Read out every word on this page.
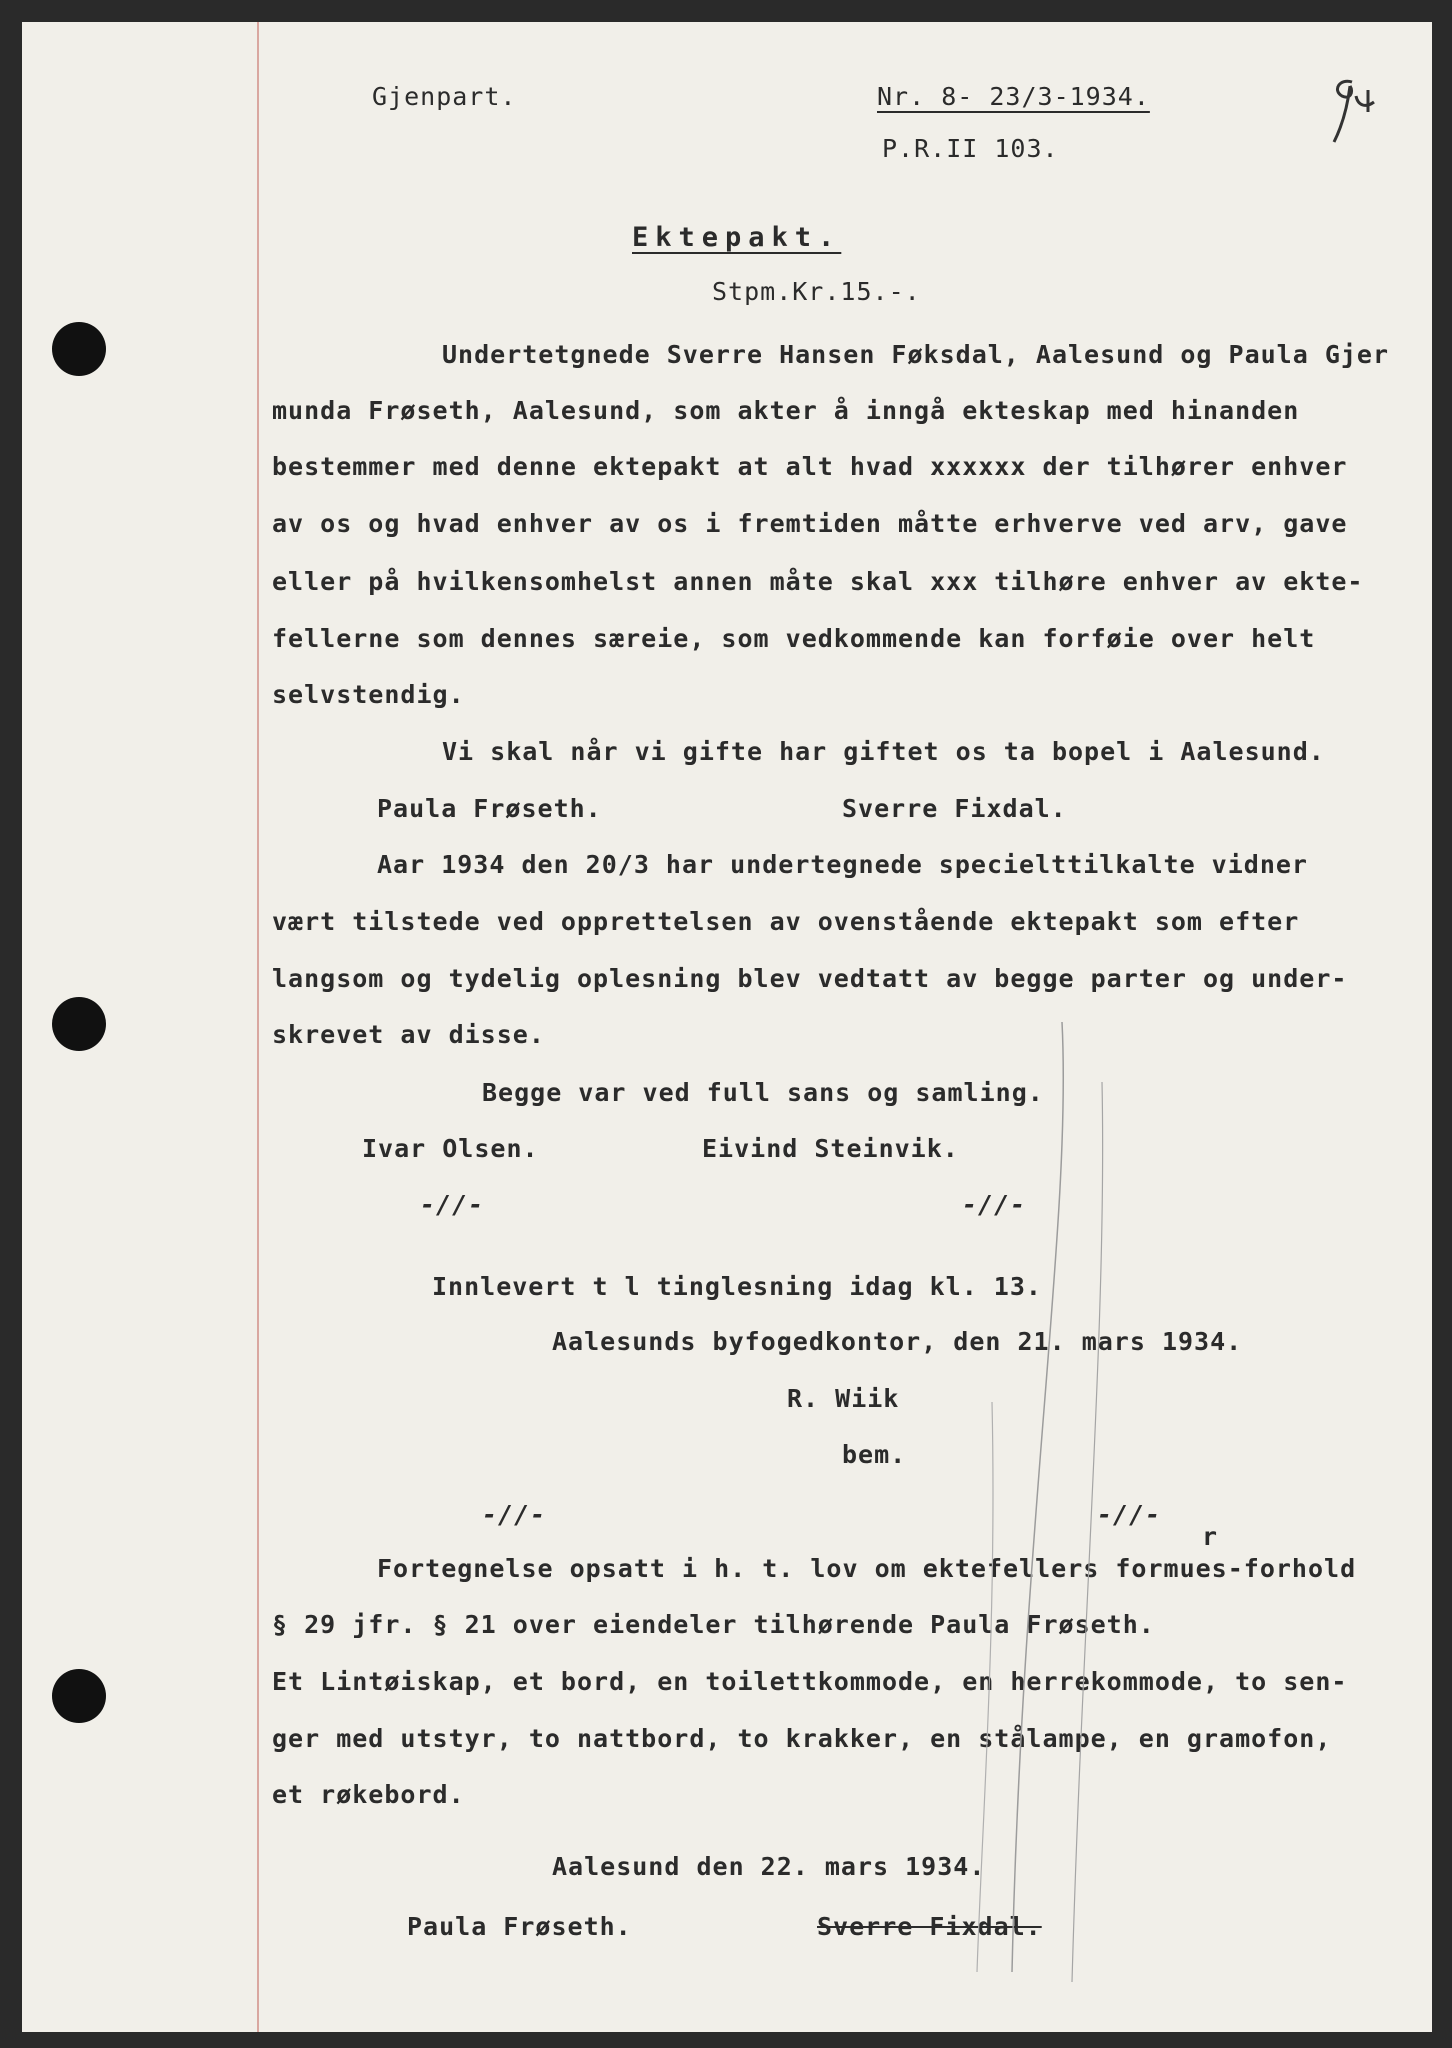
Gjenpart.	Nr. 8- 23/3-1934.
P.R.II 103.
Ektepakt.
Stpm.Kr.15.-.
Undertetgnede Sverre Hansen Føksdal, Aalesund og Paula Gjer
munda Frøseth, Aalesund, som akter å inngå ekteskap med hinanden
bestemmer med denne ektepakt at alt hvad xxxxxx der tilhører enhver
av os og hvad enhver av os i fremtiden måtte erhverve ved arv, gave
eller på hvilkensomhelst annen måte skal xxx tilhøre enhver av ekte-
fellerne som dennes særeie, som vedkommende kan forføie over helt
selvstendig.
Vi skal når vi gifte har giftet os ta bopel i Aalesund.
Paula Frøseth.	Sverre Fixdal.
Aar 1934 den 20/3 har undertegnede specielttilkalte vidner
vært tilstede ved opprettelsen av ovenstående ektepakt som efter
langsom og tydelig oplesning blev vedtatt av begge parter og under-
skrevet av disse.
Begge var ved full sans og samling.
Ivar Olsen.	Eivind Steinvik.
-//-	-//-
Innlevert t l tinglesning idag kl. 13.
Aalesunds byfogedkontor, den 21. mars 1934.
R. Wiik
bem.
-//-	-//-
r
Fortegnelse opsatt i h. t. lov om ektefellers formues-forhold
§ 29 jfr. § 21 over eiendeler tilhørende Paula Frøseth.
Et Lintøiskap, et bord, en toilettkommode, en herrekommode, to sen-
ger med utstyr, to nattbord, to krakker, en stålampe, en gramofon,
et røkebord.
Aalesund den 22. mars 1934.
Paula Frøseth.	Sverre Fixdal.
